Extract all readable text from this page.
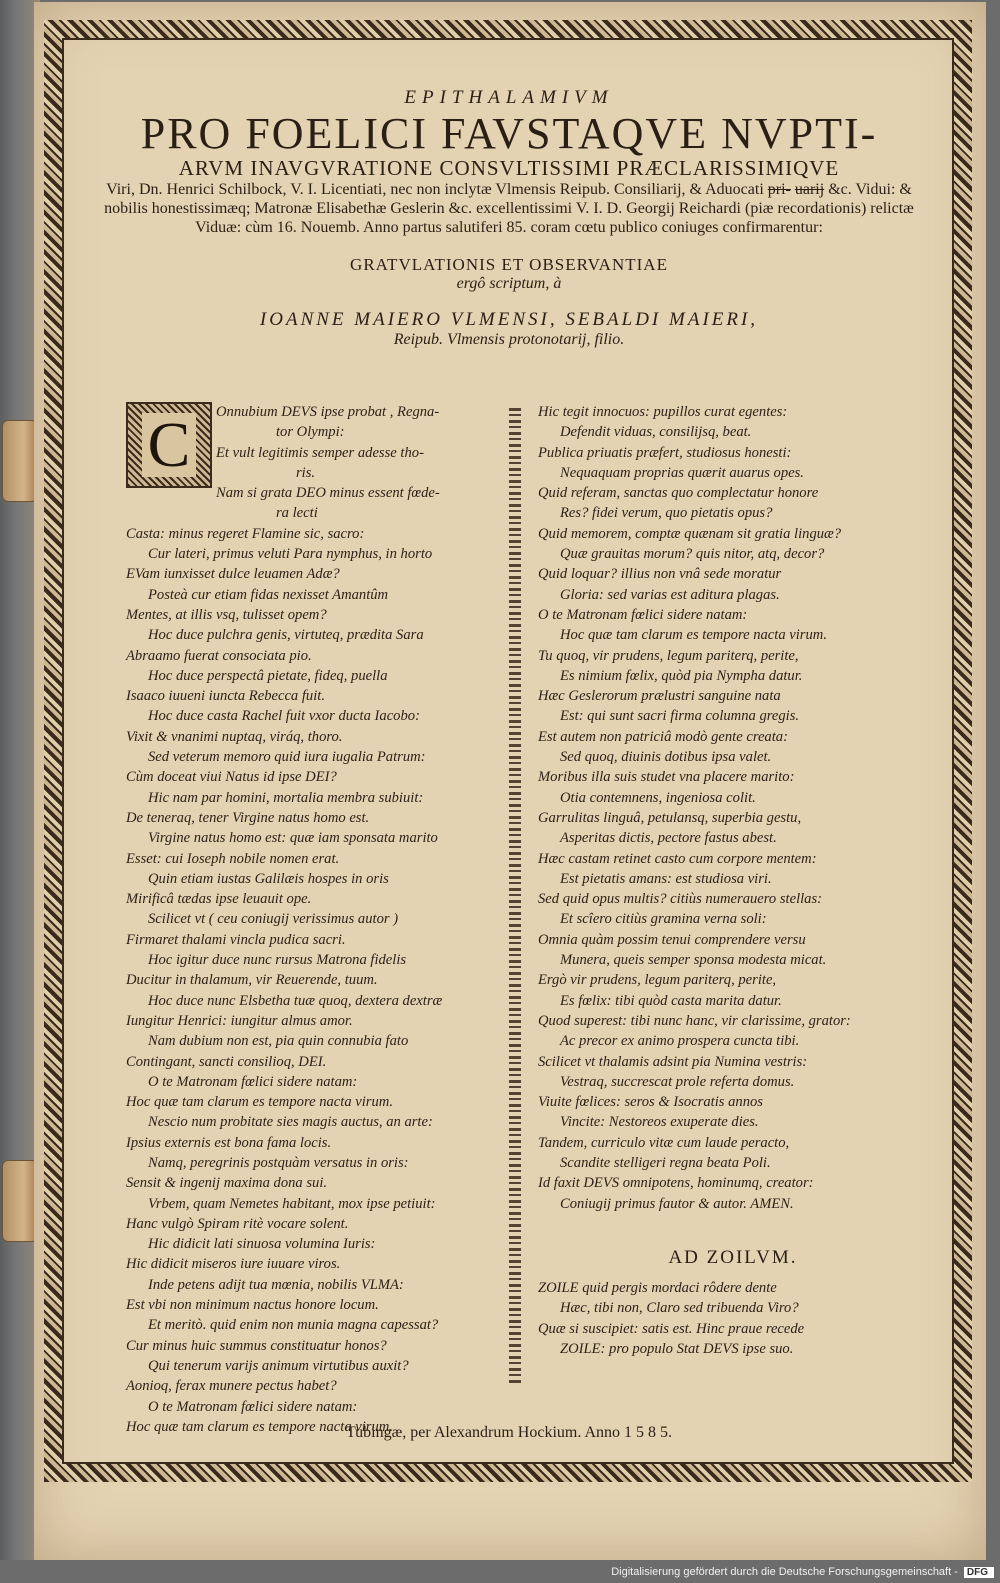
EPITHALAMIVM
PRO FOELICI FAVSTAQVE NVPTI-
ARVM INAVGVRATIONE CONSVLTISSIMI PRÆCLARISSIMIQVE
Viri, Dn. Henrici Schilbock, V. I. Licentiati, nec non inclytæ Vlmensis Reipub. Consiliarij, & Aduocati pri- uarij &c. Vidui: & nobilis honestissimæq; Matronæ Elisabethæ Geslerin &c. excellentissimi V. I. D. Georgij Reichardi (piæ recordationis) relictæ Viduæ: cùm 16. Nouemb. Anno partus salutiferi 85. coram cœtu publico coniuges confirmarentur:
GRATVLATIONIS ET OBSERVANTIAE
ergô scriptum, à
IOANNE MAIERO VLMENSI, SEBALDI MAIERI,
Reipub. Vlmensis protonotarij, filio.
C	Onnubium DEVS ipse probat , Regna-
tor Olympi:
Et vult legitimis semper adesse tho-
ris.
Nam si grata DEO minus essent fœde-
ra lecti
Casta: minus regeret Flamine sic, sacro:
Cur lateri, primus veluti Para nymphus, in horto
EVam iunxisset dulce leuamen Adæ?
Posteà cur etiam fidas nexisset Amantûm
Mentes, at illis vsq, tulisset opem?
Hoc duce pulchra genis, virtuteq, prædita Sara
Abraamo fuerat consociata pio.
Hoc duce perspectâ pietate, fideq, puella
Isaaco iuueni iuncta Rebecca fuit.
Hoc duce casta Rachel fuit vxor ducta Iacobo:
Vixit & vnanimi nuptaq, viráq, thoro.
Sed veterum memoro quid iura iugalia Patrum:
Cùm doceat viui Natus id ipse DEI?
Hic nam par homini, mortalia membra subiuit:
De teneraq, tener Virgine natus homo est.
Virgine natus homo est: quæ iam sponsata marito
Esset: cui Ioseph nobile nomen erat.
Quin etiam iustas Galilæis hospes in oris
Mirificâ tædas ipse leuauit ope.
Scilicet vt ( ceu coniugij verissimus autor )
Firmaret thalami vincla pudica sacri.
Hoc igitur duce nunc rursus Matrona fidelis
Ducitur in thalamum, vir Reuerende, tuum.
Hoc duce nunc Elsbetha tuæ quoq, dextera dextræ
Iungitur Henrici: iungitur almus amor.
Nam dubium non est, pia quin connubia fato
Contingant, sancti consilioq, DEI.
O te Matronam fœlici sidere natam:
Hoc quæ tam clarum es tempore nacta virum.
Nescio num probitate sies magis auctus, an arte:
Ipsius externis est bona fama locis.
Namq, peregrinis postquàm versatus in oris:
Sensit & ingenij maxima dona sui.
Vrbem, quam Nemetes habitant, mox ipse petiuit:
Hanc vulgò Spiram ritè vocare solent.
Hic didicit lati sinuosa volumina Iuris:
Hic didicit miseros iure iuuare viros.
Inde petens adijt tua mœnia, nobilis VLMA:
Est vbi non minimum nactus honore locum.
Et meritò. quid enim non munia magna capessat?
Cur minus huic summus constituatur honos?
Qui tenerum varijs animum virtutibus auxit?
Aonioq, ferax munere pectus habet?
O te Matronam fœlici sidere natam:
Hoc quæ tam clarum es tempore nacta virum.
Hic tegit innocuos: pupillos curat egentes:
Defendit viduas, consilijsq, beat.
Publica priuatis præfert, studiosus honesti:
Nequaquam proprias quærit auarus opes.
Quid referam, sanctas quo complectatur honore
Res? fidei verum, quo pietatis opus?
Quid memorem, comptæ quænam sit gratia linguæ?
Quæ grauitas morum? quis nitor, atq, decor?
Quid loquar? illius non vnâ sede moratur
Gloria: sed varias est aditura plagas.
O te Matronam fœlici sidere natam:
Hoc quæ tam clarum es tempore nacta virum.
Tu quoq, vir prudens, legum pariterq, perite,
Es nimium fœlix, quòd pia Nympha datur.
Hæc Geslerorum prælustri sanguine nata
Est: qui sunt sacri firma columna gregis.
Est autem non patriciâ modò gente creata:
Sed quoq, diuinis dotibus ipsa valet.
Moribus illa suis studet vna placere marito:
Otia contemnens, ingeniosa colit.
Garrulitas linguâ, petulansq, superbia gestu,
Asperitas dictis, pectore fastus abest.
Hæc castam retinet casto cum corpore mentem:
Est pietatis amans: est studiosa viri.
Sed quid opus multis? citiùs numerauero stellas:
Et scîero citiùs gramina verna soli:
Omnia quàm possim tenui comprendere versu
Munera, queis semper sponsa modesta micat.
Ergò vir prudens, legum pariterq, perite,
Es fœlix: tibi quòd casta marita datur.
Quod superest: tibi nunc hanc, vir clarissime, grator:
Ac precor ex animo prospera cuncta tibi.
Scilicet vt thalamis adsint pia Numina vestris:
Vestraq, succrescat prole referta domus.
Viuite fœlices: seros & Isocratis annos
Vincite: Nestoreos exuperate dies.
Tandem, curriculo vitæ cum laude peracto,
Scandite stelligeri regna beata Poli.
Id faxit DEVS omnipotens, hominumq, creator:
Coniugij primus fautor & autor. AMEN.
AD ZOILVM.
ZOILE quid pergis mordaci rôdere dente
Hæc, tibi non, Claro sed tribuenda Viro?
Quæ si suscipiet: satis est. Hinc praue recede
ZOILE: pro populo Stat DEVS ipse suo.
Tubingæ, per Alexandrum Hockium. Anno 1 5 8 5.
Digitalisierung gefördert durch die Deutsche Forschungsgemeinschaft - DFG
